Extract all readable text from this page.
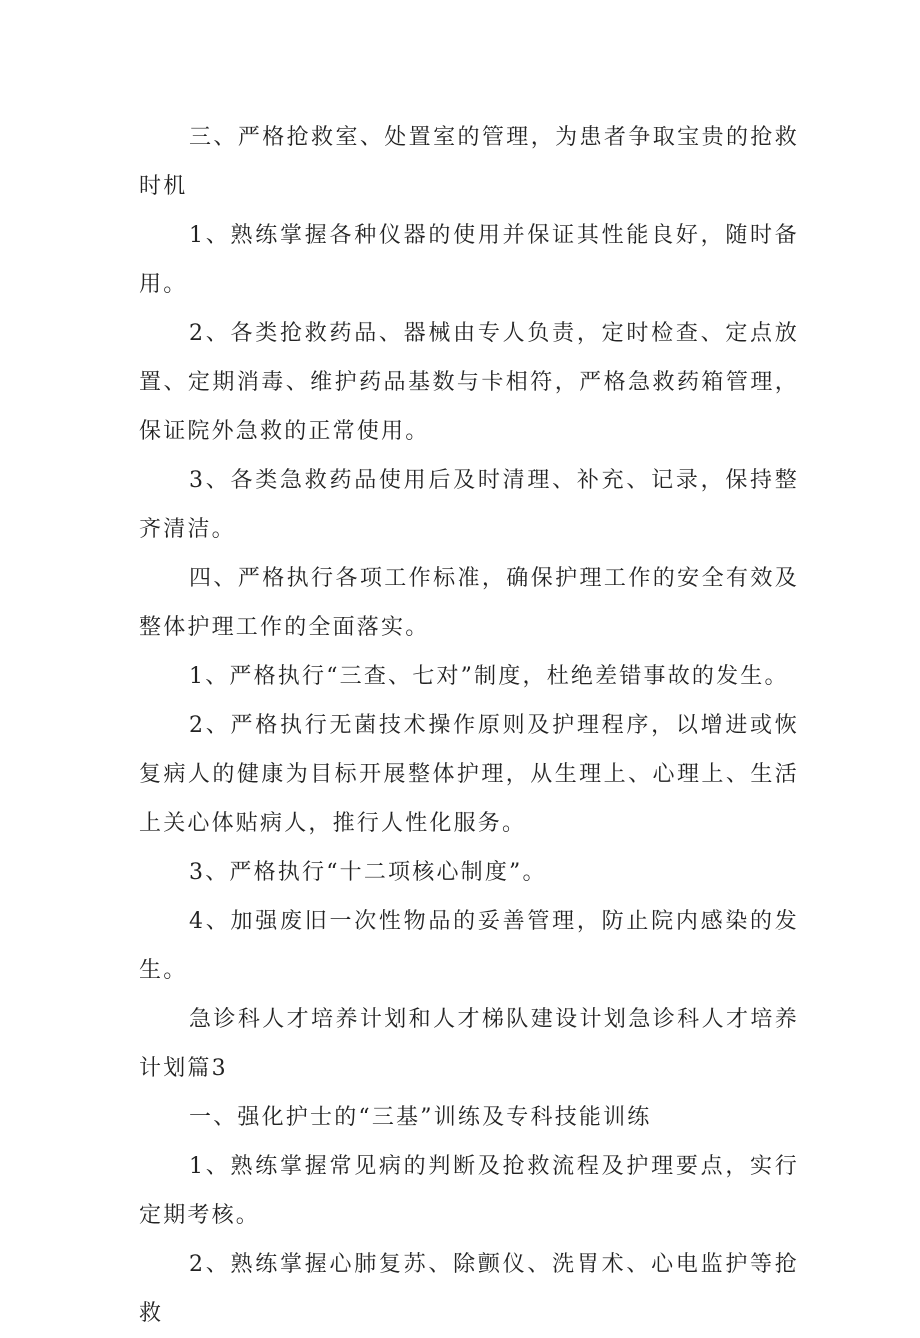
三、严格抢救室、处置室的管理，为患者争取宝贵的抢救时机

1、熟练掌握各种仪器的使用并保证其性能良好，随时备用。

2、各类抢救药品、器械由专人负责，定时检查、定点放置、定期消毒、维护药品基数与卡相符，严格急救药箱管理，保证院外急救的正常使用。

3、各类急救药品使用后及时清理、补充、记录，保持整齐清洁。

四、严格执行各项工作标准，确保护理工作的安全有效及整体护理工作的全面落实。

1、严格执行“三查、七对”制度，杜绝差错事故的发生。

2、严格执行无菌技术操作原则及护理程序，以增进或恢复病人的健康为目标开展整体护理，从生理上、心理上、生活上关心体贴病人，推行人性化服务。

3、严格执行“十二项核心制度”。

4、加强废旧一次性物品的妥善管理，防止院内感染的发生。

急诊科人才培养计划和人才梯队建设计划急诊科人才培养计划篇3

一、强化护士的“三基”训练及专科技能训练

1、熟练掌握常见病的判断及抢救流程及护理要点，实行定期考核。

2、熟练掌握心肺复苏、除颤仪、洗胃术、心电监护等抢救
